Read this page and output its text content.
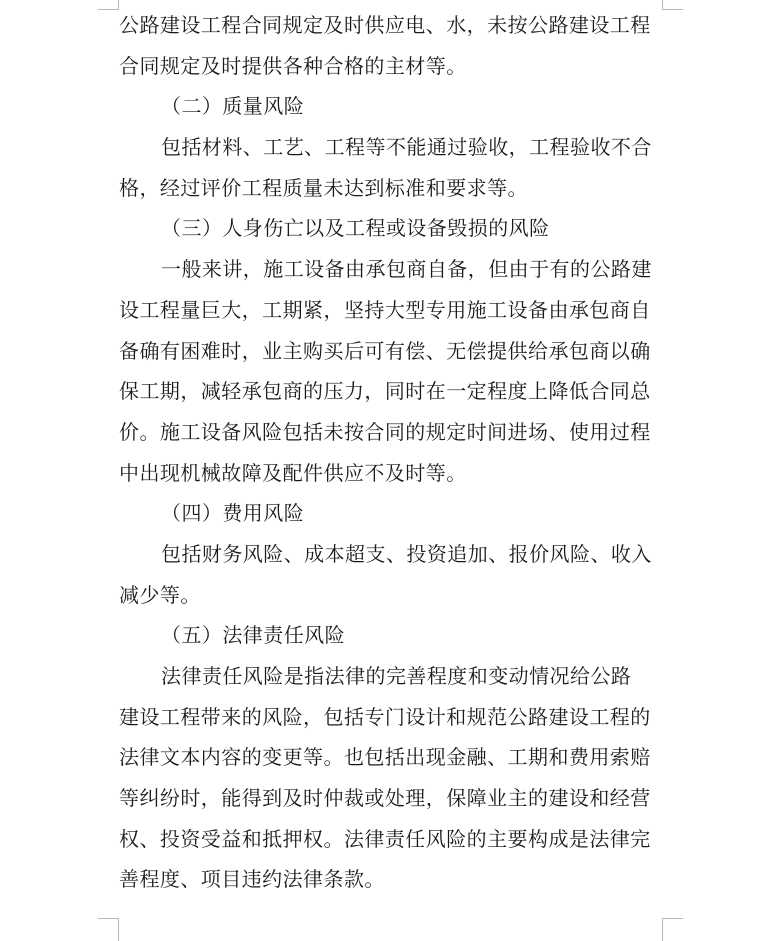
公路建设工程合同规定及时供应电、水，未按公路建设工程
合同规定及时提供各种合格的主材等。
（二）质量风险
包括材料、工艺、工程等不能通过验收，工程验收不合
格，经过评价工程质量未达到标准和要求等。
（三）人身伤亡以及工程或设备毁损的风险
一般来讲，施工设备由承包商自备，但由于有的公路建
设工程量巨大，工期紧，坚持大型专用施工设备由承包商自
备确有困难时，业主购买后可有偿、无偿提供给承包商以确
保工期，减轻承包商的压力，同时在一定程度上降低合同总
价。施工设备风险包括未按合同的规定时间进场、使用过程
中出现机械故障及配件供应不及时等。
（四）费用风险
包括财务风险、成本超支、投资追加、报价风险、收入
减少等。
（五）法律责任风险
法律责任风险是指法律的完善程度和变动情况给公路
建设工程带来的风险，包括专门设计和规范公路建设工程的
法律文本内容的变更等。也包括出现金融、工期和费用索赔
等纠纷时，能得到及时仲裁或处理，保障业主的建设和经营
权、投资受益和抵押权。法律责任风险的主要构成是法律完
善程度、项目违约法律条款。
